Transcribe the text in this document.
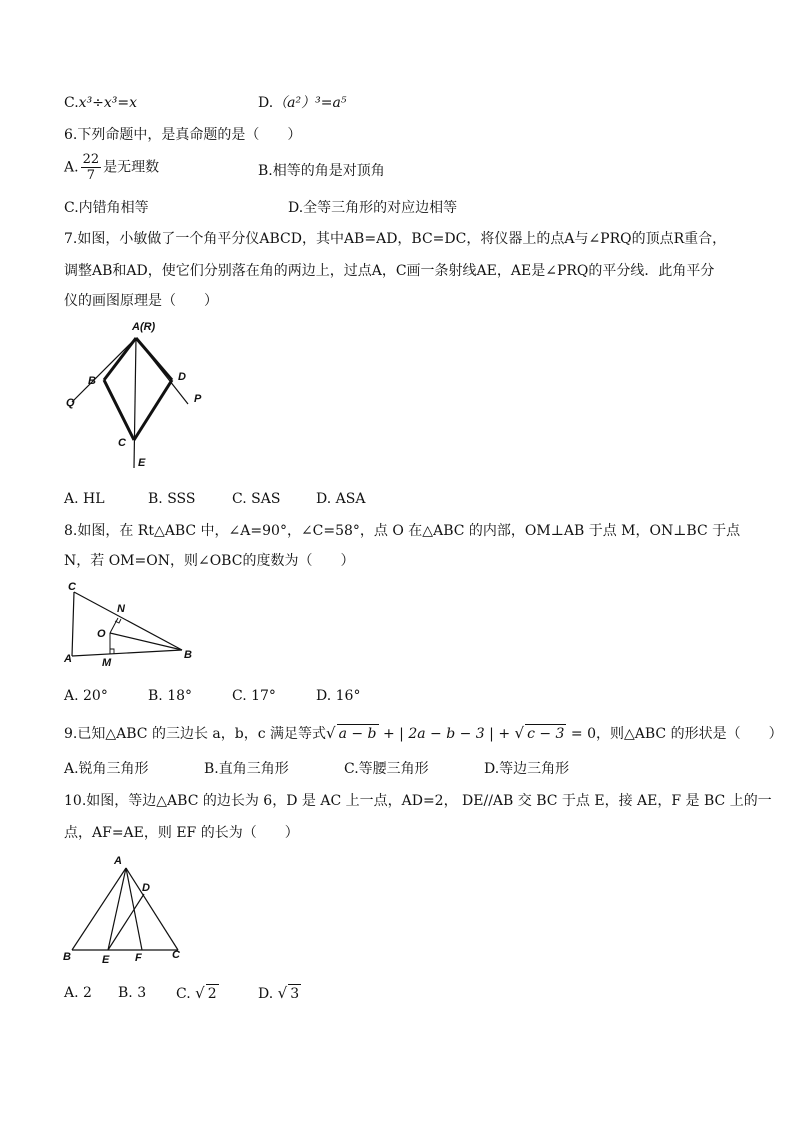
C.x³÷x³=x	D.（a²）³=a⁵
6.下列命题中，是真命题的是（　　）
A. $\frac{22}{7}$ 是无理数	B.相等的角是对顶角
C.内错角相等	D.全等三角形的对应边相等
7.如图，小敏做了一个角平分仪ABCD，其中AB=AD，BC=DC，将仪器上的点A与∠PRQ的顶点R重合，
调整AB和AD，使它们分别落在角的两边上，过点A，C画一条射线AE，AE是∠PRQ的平分线．此角平分
仪的画图原理是（　　）
A(R)
B	D
Q	P
C
E
A. HL	B. SSS	C. SAS	D. ASA
8.如图，在 Rt△ABC 中，∠A=90°，∠C=58°，点 O 在△ABC 的内部，OM⊥AB 于点 M，ON⊥BC 于点
N，若 OM=ON，则∠OBC的度数为（　　）
C
N
O
A	M
B
A. 20°	B. 18°	C. 17°	D. 16°
9.已知△ABC 的三边长 a，b，c 满足等式√ a − b + | 2a − b − 3 | + √ c − 3 = 0，则△ABC 的形状是（　　）
A.锐角三角形	B.直角三角形	C.等腰三角形	D.等边三角形
10.如图，等边△ABC 的边长为 6，D 是 AC 上一点，AD=2， DE//AB 交 BC 于点 E，接 AE，F 是 BC 上的一
点，AF=AE，则 EF 的长为（　　）
A
D
B	E F	C
A. 2 B. 3 C. √ 2	D. √ 3
